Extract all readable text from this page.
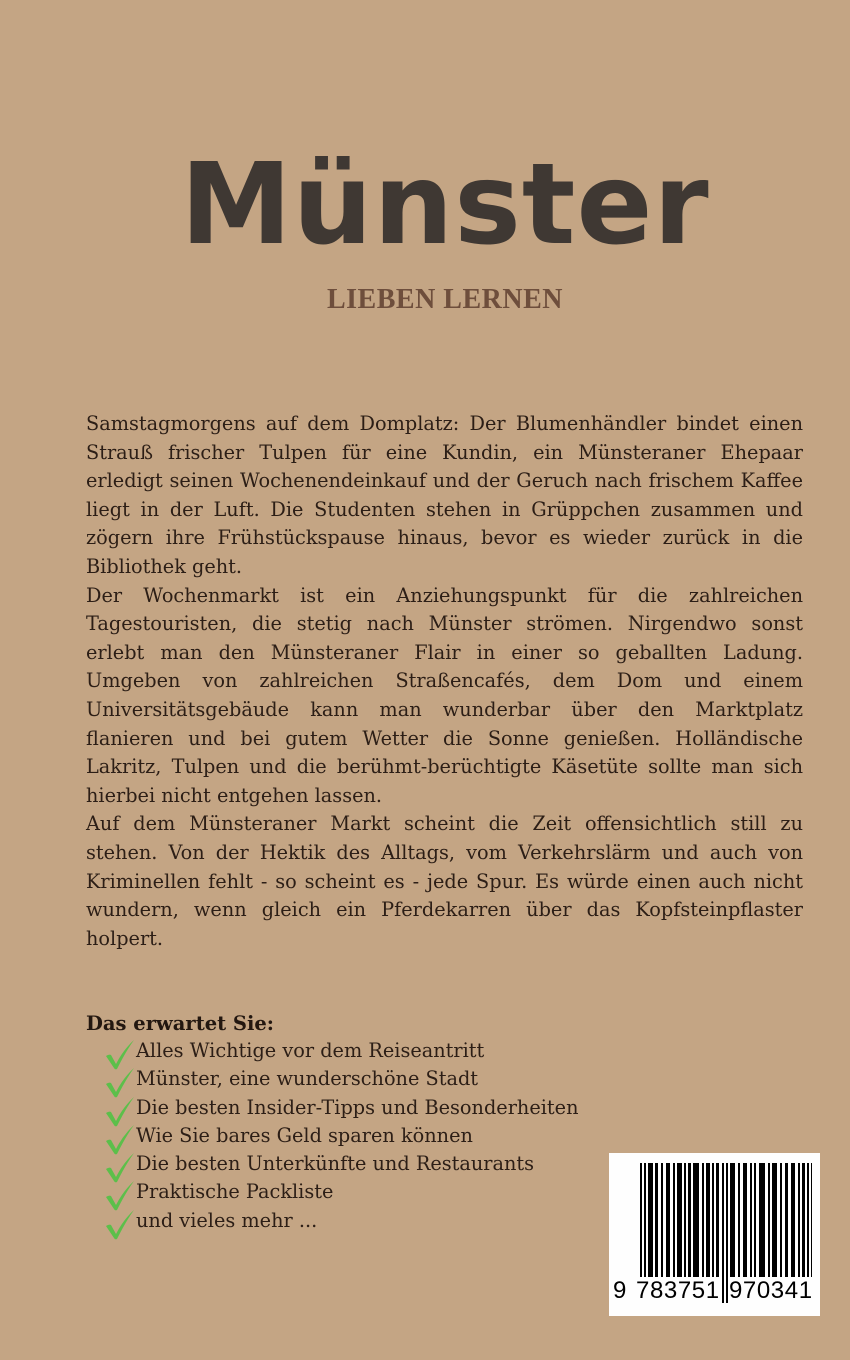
Münster
LIEBEN LERNEN

Samstagmorgens auf dem Domplatz: Der Blumenhändler bindet einen Strauß frischer Tulpen für eine Kundin, ein Münsteraner Ehepaar erledigt seinen Wochenendeinkauf und der Geruch nach frischem Kaffee liegt in der Luft. Die Studenten stehen in Grüppchen zusammen und zögern ihre Frühstückspause hinaus, bevor es wieder zurück in die Bibliothek geht.

Der Wochenmarkt ist ein Anziehungspunkt für die zahlreichen Tagestouristen, die stetig nach Münster strömen. Nirgendwo sonst erlebt man den Münsteraner Flair in einer so geballten Ladung. Umgeben von zahlreichen Straßencafés, dem Dom und einem Universitätsgebäude kann man wunderbar über den Marktplatz flanieren und bei gutem Wetter die Sonne genießen. Holländische Lakritz, Tulpen und die berühmt-berüchtigte Käsetüte sollte man sich hierbei nicht entgehen lassen.

Auf dem Münsteraner Markt scheint die Zeit offensichtlich still zu stehen. Von der Hektik des Alltags, vom Verkehrslärm und auch von Kriminellen fehlt - so scheint es - jede Spur. Es würde einen auch nicht wundern, wenn gleich ein Pferdekarren über das Kopfsteinpflaster holpert.

Das erwartet Sie:
Alles Wichtige vor dem Reiseantritt
Münster, eine wunderschöne Stadt
Die besten Insider-Tipps und Besonderheiten
Wie Sie bares Geld sparen können
Die besten Unterkünfte und Restaurants
Praktische Packliste
und vieles mehr ...
9 783751 970341
